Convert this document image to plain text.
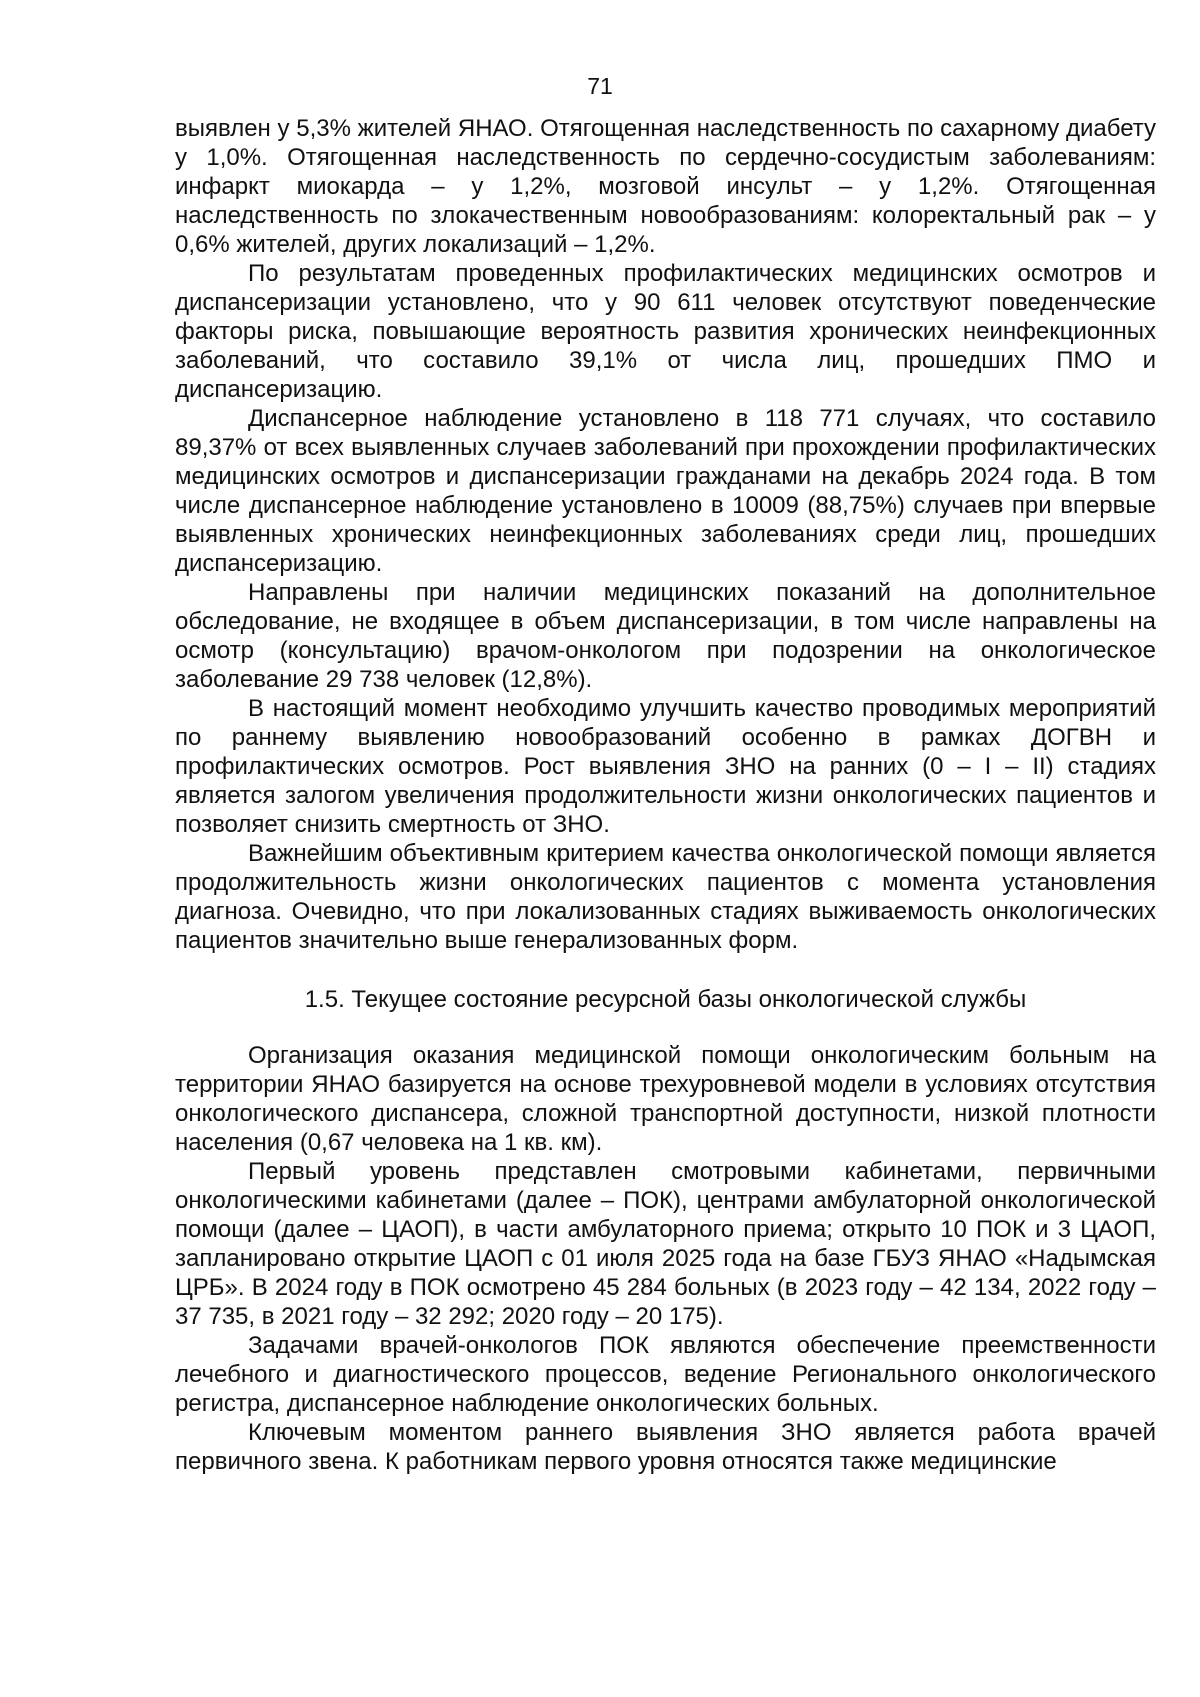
71

выявлен у 5,3% жителей ЯНАО. Отягощенная наследственность по сахарному диабету у 1,0%. Отягощенная наследственность по сердечно-сосудистым заболеваниям: инфаркт миокарда – у 1,2%, мозговой инсульт – у 1,2%. Отягощенная наследственность по злокачественным новообразованиям: колоректальный рак – у 0,6% жителей, других локализаций – 1,2%.

По результатам проведенных профилактических медицинских осмотров и диспансеризации установлено, что у 90 611 человек отсутствуют поведенческие факторы риска, повышающие вероятность развития хронических неинфекционных заболеваний, что составило 39,1% от числа лиц, прошедших ПМО и диспансеризацию.

Диспансерное наблюдение установлено в 118 771 случаях, что составило 89,37% от всех выявленных случаев заболеваний при прохождении профилактических медицинских осмотров и диспансеризации гражданами на декабрь 2024 года. В том числе диспансерное наблюдение установлено в 10009 (88,75%) случаев при впервые выявленных хронических неинфекционных заболеваниях среди лиц, прошедших диспансеризацию.

Направлены при наличии медицинских показаний на дополнительное обследование, не входящее в объем диспансеризации, в том числе направлены на осмотр (консультацию) врачом-онкологом при подозрении на онкологическое заболевание 29 738 человек (12,8%).

В настоящий момент необходимо улучшить качество проводимых мероприятий по раннему выявлению новообразований особенно в рамках ДОГВН и профилактических осмотров. Рост выявления ЗНО на ранних (0 – I – II) стадиях является залогом увеличения продолжительности жизни онкологических пациентов и позволяет снизить смертность от ЗНО.

Важнейшим объективным критерием качества онкологической помощи является продолжительность жизни онкологических пациентов с момента установления диагноза. Очевидно, что при локализованных стадиях выживаемость онкологических пациентов значительно выше генерализованных форм.

1.5. Текущее состояние ресурсной базы онкологической службы

Организация оказания медицинской помощи онкологическим больным на территории ЯНАО базируется на основе трехуровневой модели в условиях отсутствия онкологического диспансера, сложной транспортной доступности, низкой плотности населения (0,67 человека на 1 кв. км).

Первый уровень представлен смотровыми кабинетами, первичными онкологическими кабинетами (далее – ПОК), центрами амбулаторной онкологической помощи (далее – ЦАОП), в части амбулаторного приема; открыто 10 ПОК и 3 ЦАОП, запланировано открытие ЦАОП с 01 июля 2025 года на базе ГБУЗ ЯНАО «Надымская ЦРБ». В 2024 году в ПОК осмотрено 45 284 больных (в 2023 году – 42 134, 2022 году – 37 735, в 2021 году – 32 292; 2020 году – 20 175).

Задачами врачей-онкологов ПОК являются обеспечение преемственности лечебного и диагностического процессов, ведение Регионального онкологического регистра, диспансерное наблюдение онкологических больных.

Ключевым моментом раннего выявления ЗНО является работа врачей первичного звена. К работникам первого уровня относятся также медицинские
